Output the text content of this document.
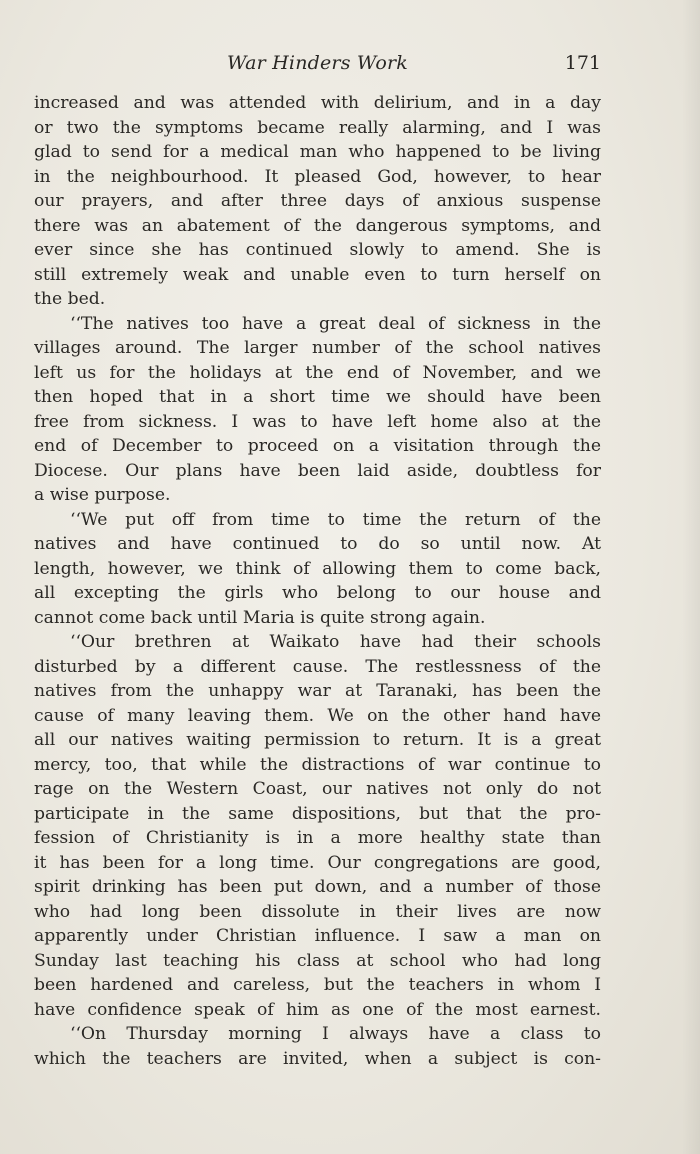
War Hinders Work	171
increased and was attended with delirium, and in a day
or two the symptoms became really alarming, and I was
glad to send for a medical man who happened to be living
in the neighbourhood. It pleased God, however, to hear
our prayers, and after three days of anxious suspense
there was an abatement of the dangerous symptoms, and
ever since she has continued slowly to amend. She is
still extremely weak and unable even to turn herself on
the bed.
‘‘The natives too have a great deal of sickness in the
villages around. The larger number of the school natives
left us for the holidays at the end of November, and we
then hoped that in a short time we should have been
free from sickness. I was to have left home also at the
end of December to proceed on a visitation through the
Diocese. Our plans have been laid aside, doubtless for
a wise purpose.
‘‘We put off from time to time the return of the
natives and have continued to do so until now. At
length, however, we think of allowing them to come back,
all excepting the girls who belong to our house and
cannot come back until Maria is quite strong again.
‘‘Our brethren at Waikato have had their schools
disturbed by a different cause. The restlessness of the
natives from the unhappy war at Taranaki, has been the
cause of many leaving them. We on the other hand have
all our natives waiting permission to return. It is a great
mercy, too, that while the distractions of war continue to
rage on the Western Coast, our natives not only do not
participate in the same dispositions, but that the pro-
fession of Christianity is in a more healthy state than
it has been for a long time. Our congregations are good,
spirit drinking has been put down, and a number of those
who had long been dissolute in their lives are now
apparently under Christian influence. I saw a man on
Sunday last teaching his class at school who had long
been hardened and careless, but the teachers in whom I
have confidence speak of him as one of the most earnest.
‘‘On Thursday morning I always have a class to
which the teachers are invited, when a subject is con-
